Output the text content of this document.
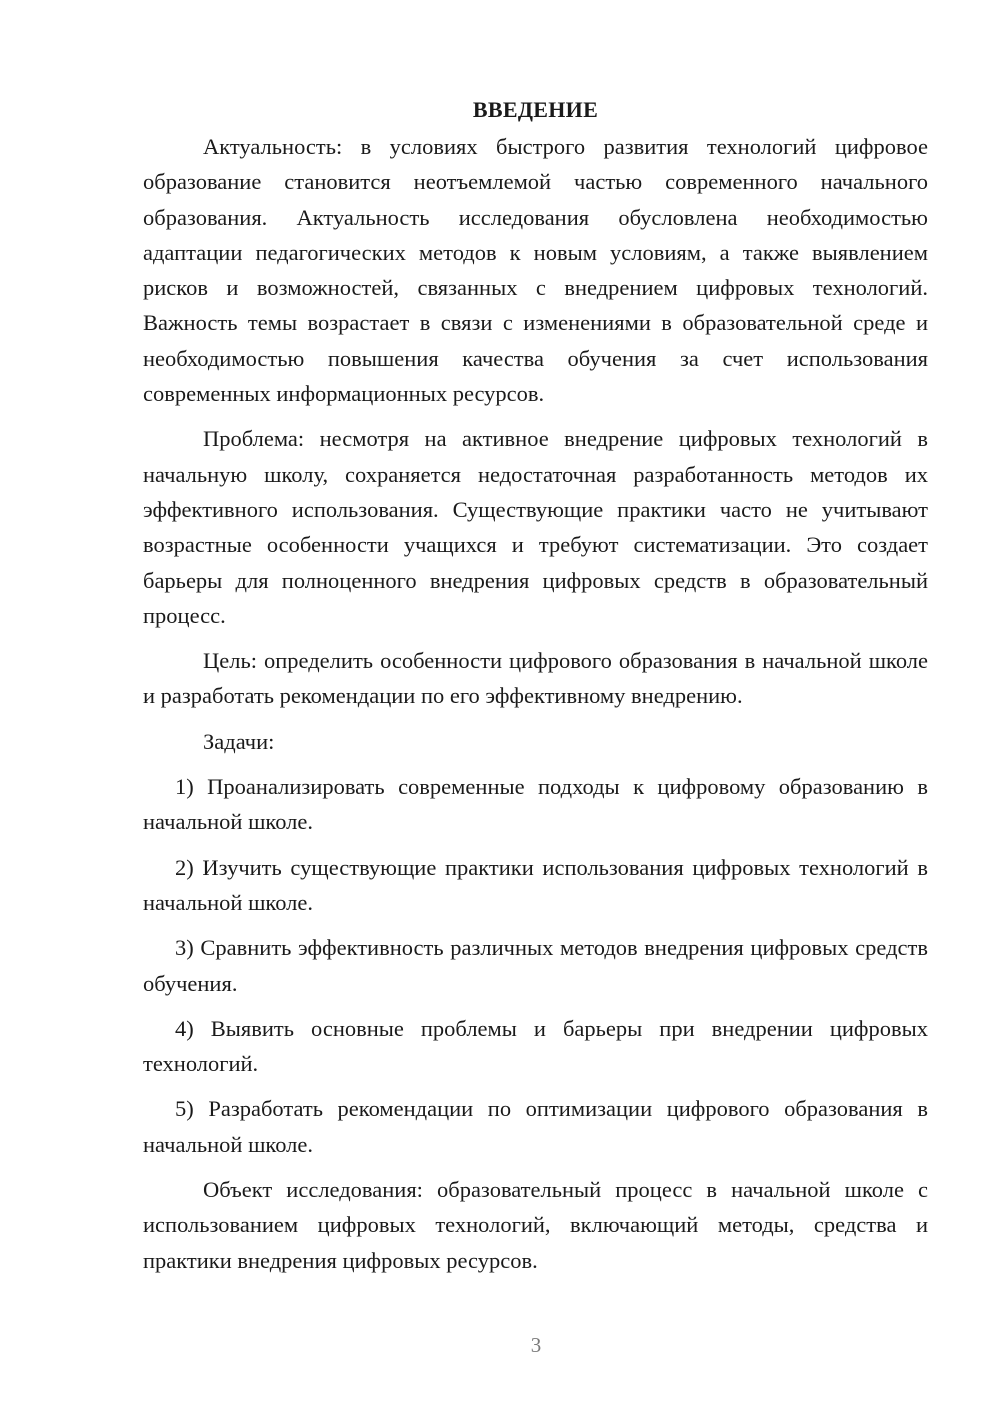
ВВЕДЕНИЕ

Актуальность: в условиях быстрого развития технологий цифровое образование становится неотъемлемой частью современного начального образования. Актуальность исследования обусловлена необходимостью адаптации педагогических методов к новым условиям, а также выявлением рисков и возможностей, связанных с внедрением цифровых технологий. Важность темы возрастает в связи с изменениями в образовательной среде и необходимостью повышения качества обучения за счет использования современных информационных ресурсов.

Проблема: несмотря на активное внедрение цифровых технологий в начальную школу, сохраняется недостаточная разработанность методов их эффективного использования. Существующие практики часто не учитывают возрастные особенности учащихся и требуют систематизации. Это создает барьеры для полноценного внедрения цифровых средств в образовательный процесс.

Цель: определить особенности цифрового образования в начальной школе и разработать рекомендации по его эффективному внедрению.

Задачи:

1) Проанализировать современные подходы к цифровому образованию в начальной школе.

2) Изучить существующие практики использования цифровых технологий в начальной школе.

3) Сравнить эффективность различных методов внедрения цифровых средств обучения.

4) Выявить основные проблемы и барьеры при внедрении цифровых технологий.

5) Разработать рекомендации по оптимизации цифрового образования в начальной школе.

Объект исследования: образовательный процесс в начальной школе с использованием цифровых технологий, включающий методы, средства и практики внедрения цифровых ресурсов.

3
